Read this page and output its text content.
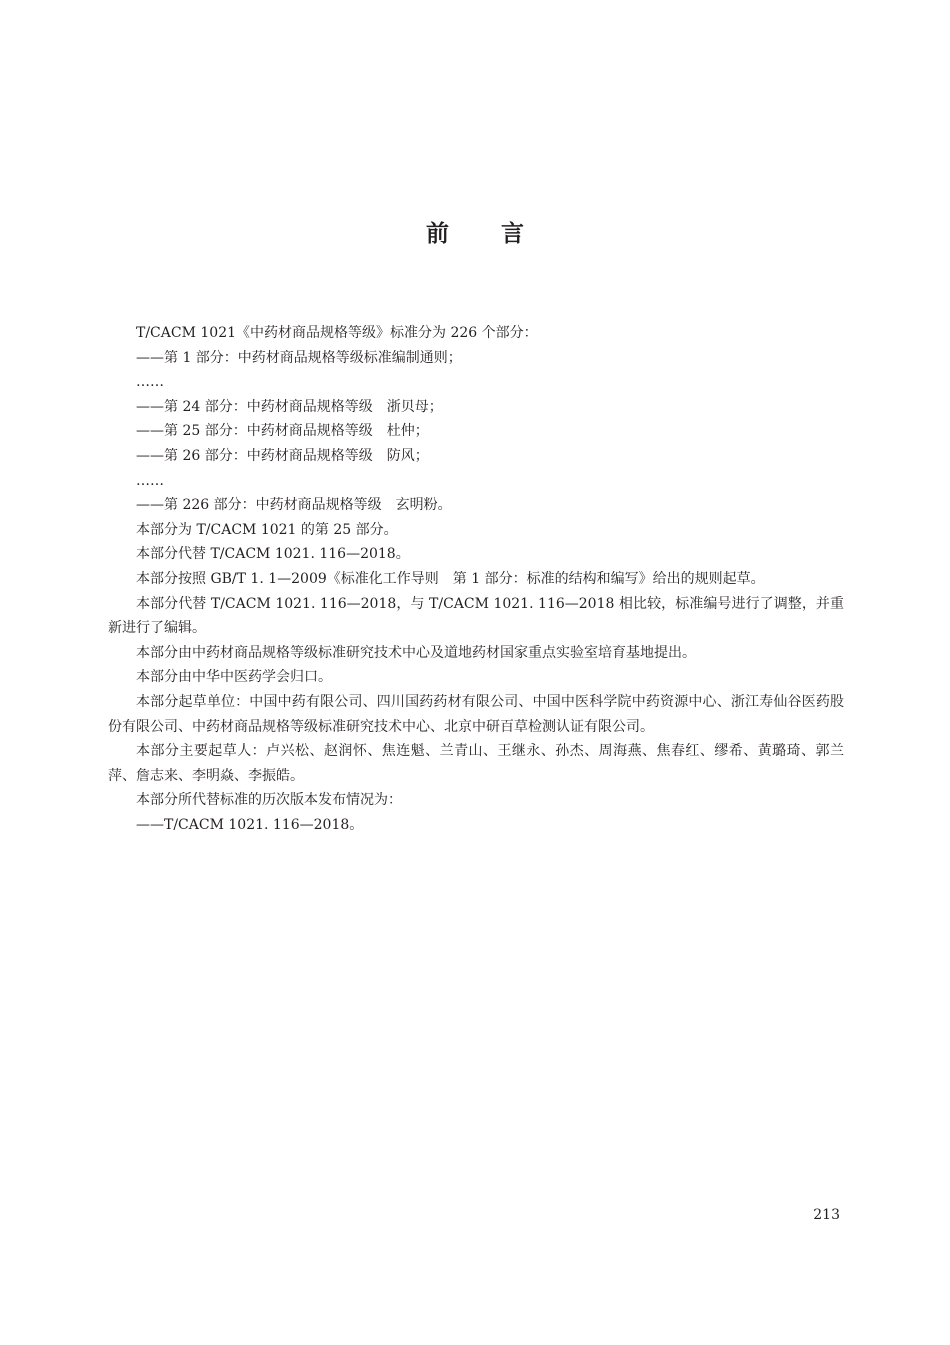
前 言

T/CACM 1021《中药材商品规格等级》标准分为 226 个部分：

——第 1 部分：中药材商品规格等级标准编制通则；

……

——第 24 部分：中药材商品规格等级　浙贝母；

——第 25 部分：中药材商品规格等级　杜仲；

——第 26 部分：中药材商品规格等级　防风；

……

——第 226 部分：中药材商品规格等级　玄明粉。

本部分为 T/CACM 1021 的第 25 部分。

本部分代替 T/CACM 1021. 116—2018。

本部分按照 GB/T 1. 1—2009《标准化工作导则　第 1 部分：标准的结构和编写》给出的规则起草。

本部分代替 T/CACM 1021. 116—2018，与 T/CACM 1021. 116—2018 相比较，标准编号进行了调整，并重新进行了编辑。

本部分由中药材商品规格等级标准研究技术中心及道地药材国家重点实验室培育基地提出。

本部分由中华中医药学会归口。

本部分起草单位：中国中药有限公司、四川国药药材有限公司、中国中医科学院中药资源中心、浙江寿仙谷医药股份有限公司、中药材商品规格等级标准研究技术中心、北京中研百草检测认证有限公司。

本部分主要起草人：卢兴松、赵润怀、焦连魁、兰青山、王继永、孙杰、周海燕、焦春红、缪希、黄璐琦、郭兰萍、詹志来、李明焱、李振皓。

本部分所代替标准的历次版本发布情况为：

——T/CACM 1021. 116—2018。

213
